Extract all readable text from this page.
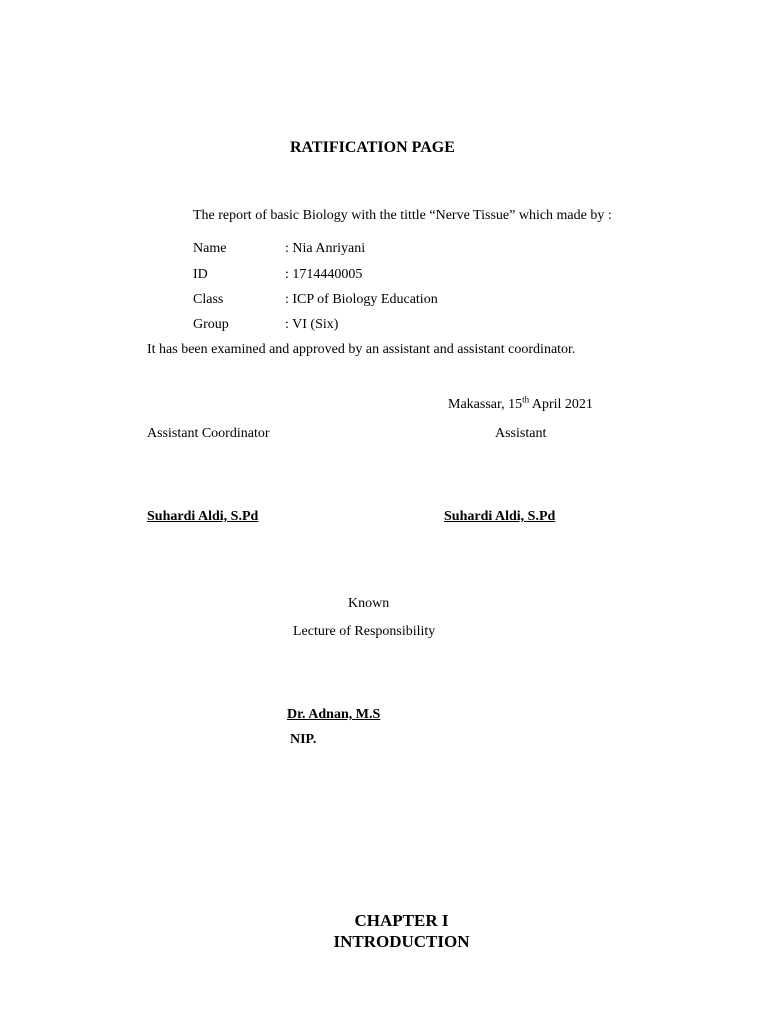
RATIFICATION PAGE
The report of basic Biology with the tittle “Nerve Tissue” which made by :
Name	: Nia Anriyani
ID	: 1714440005
Class	: ICP of Biology Education
Group	: VI (Six)
It has been examined and approved by an assistant and assistant coordinator.
Makassar, 15th April 2021
Assistant Coordinator	Assistant
Suhardi Aldi, S.Pd	Suhardi Aldi, S.Pd
Known
Lecture of Responsibility
Dr. Adnan, M.S
NIP.
CHAPTER I
INTRODUCTION
